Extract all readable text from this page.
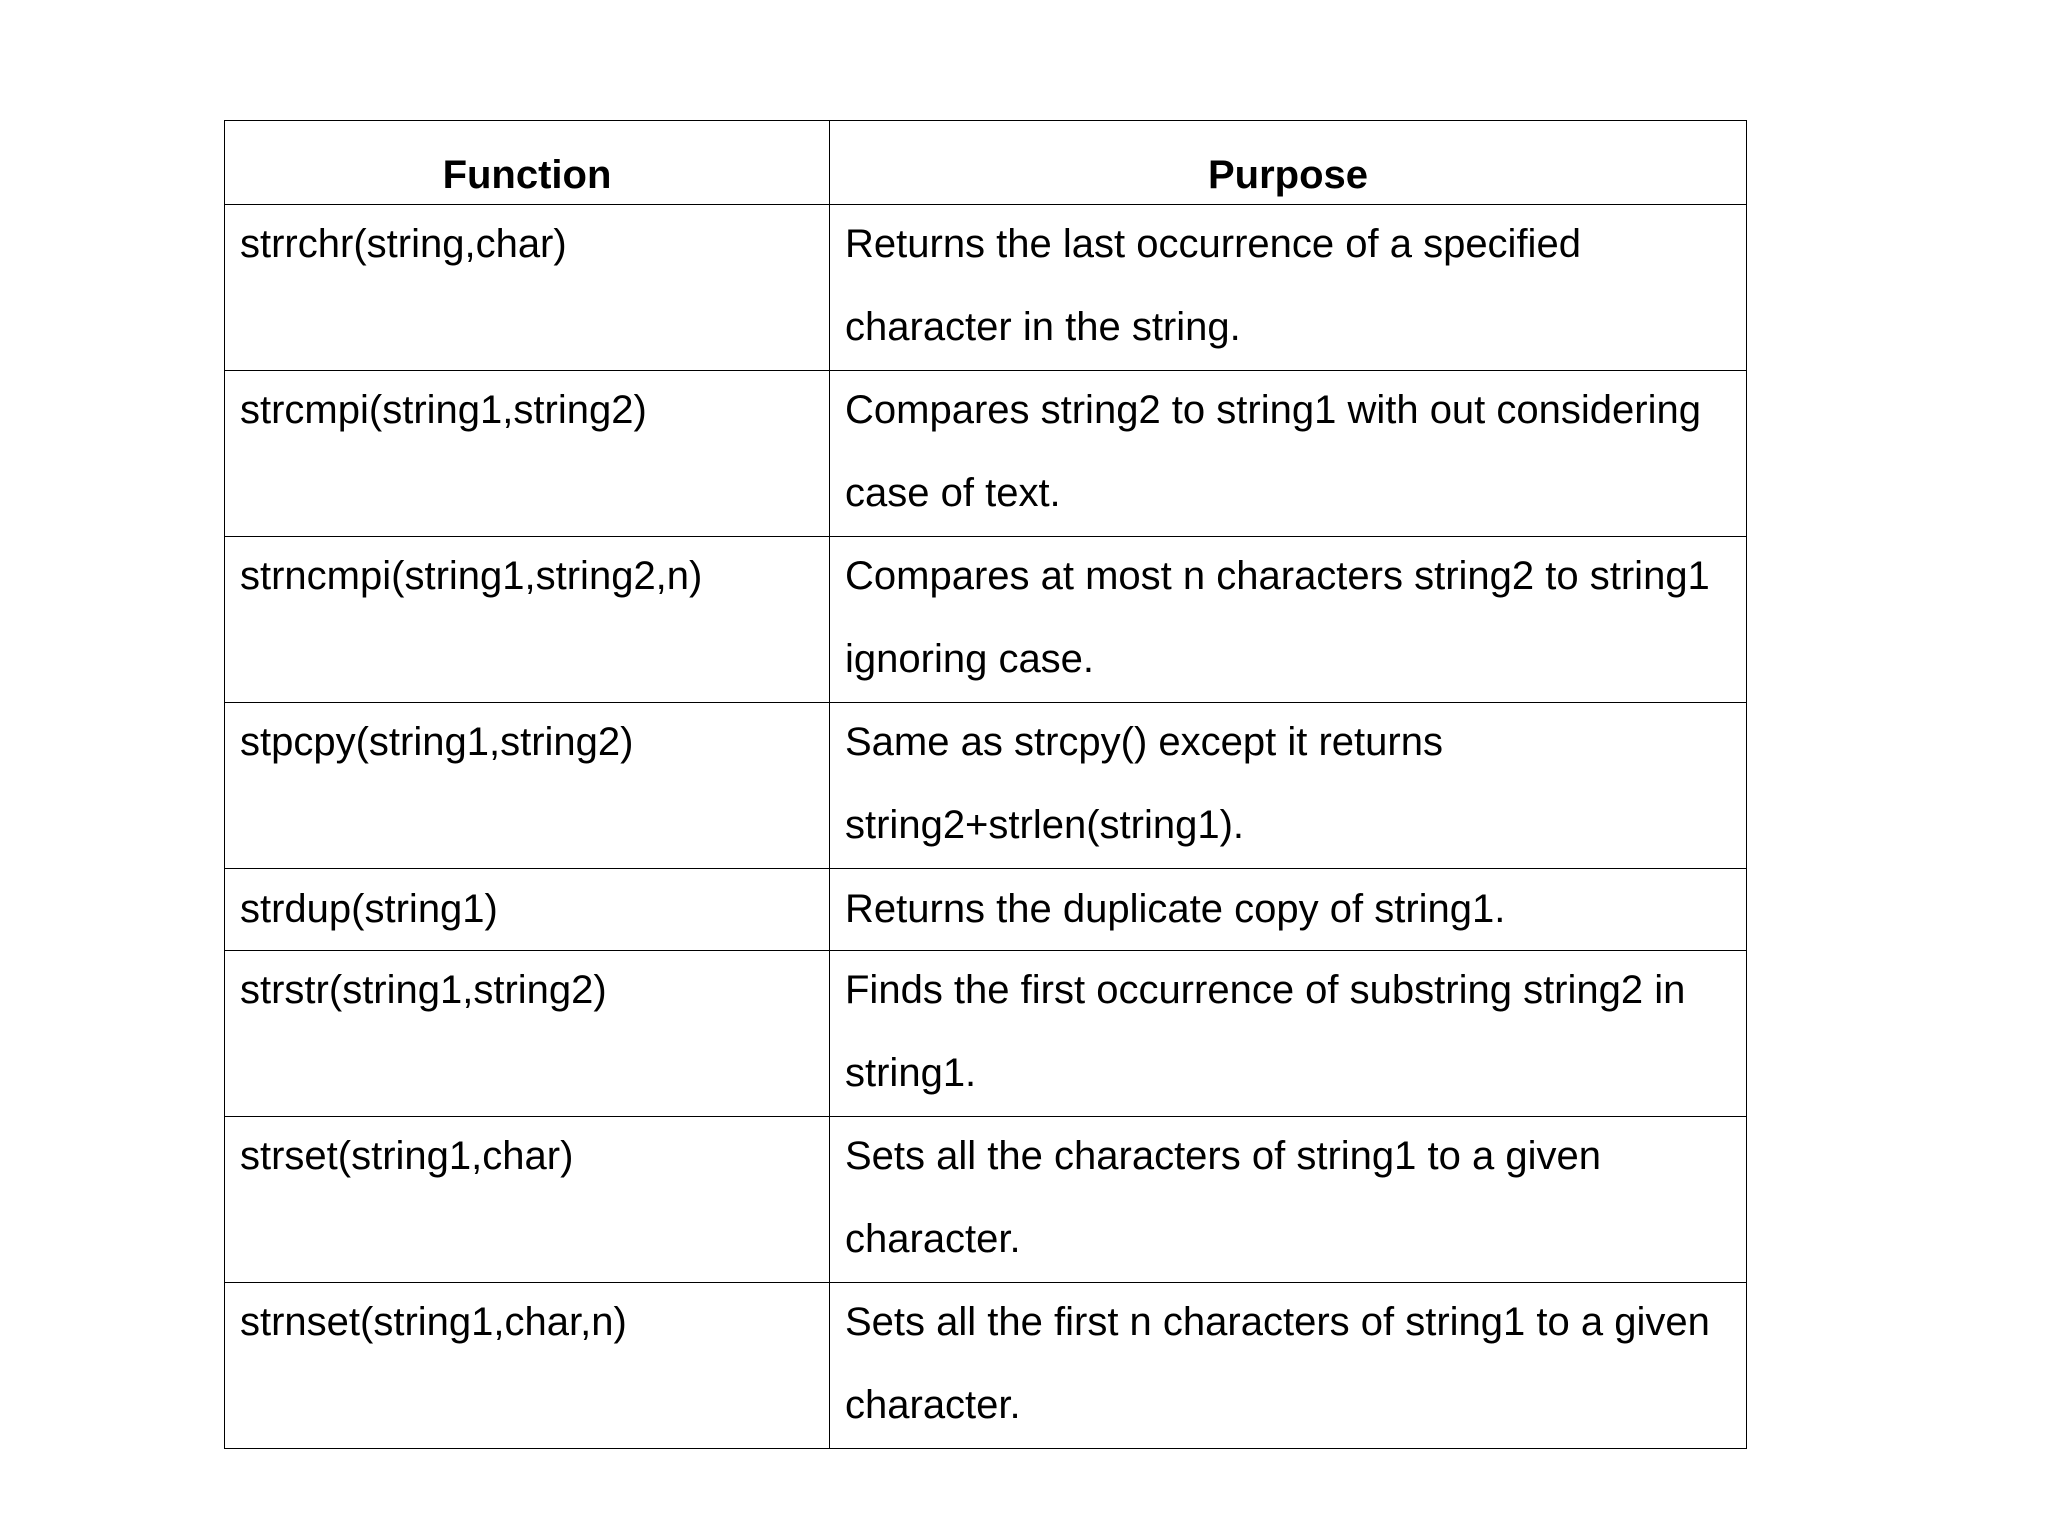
Function	Purpose

strrchr(string,char)	Returns the last occurrence of a specified character in the string.

strcmpi(string1,string2)	Compares string2 to string1 with out considering case of text.

strncmpi(string1,string2,n)	Compares at most n characters string2 to string1 ignoring case.

stpcpy(string1,string2)	Same as strcpy() except it returns string2+strlen(string1).

strdup(string1)	Returns the duplicate copy of string1.

strstr(string1,string2)	Finds the first occurrence of substring string2 in string1.

strset(string1,char)	Sets all the characters of string1 to a given character.

strnset(string1,char,n)	Sets all the first n characters of string1 to a given character.
